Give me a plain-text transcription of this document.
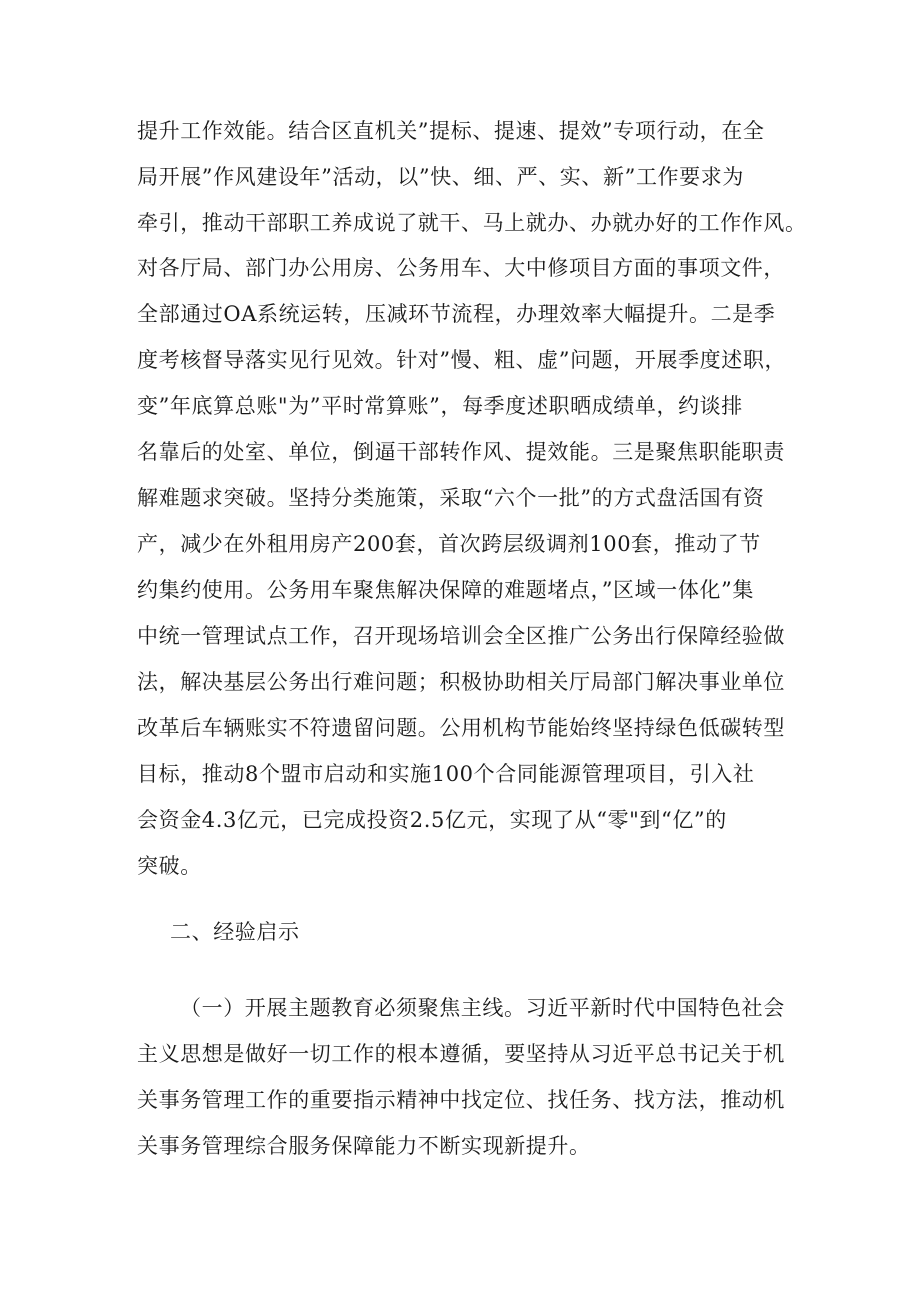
提升工作效能。结合区直机关”提标、提速、提效”专项行动，在全
局开展”作风建设年”活动，以”快、细、严、实、新”工作要求为
牵引，推动干部职工养成说了就干、马上就办、办就办好的工作作风。
对各厅局、部门办公用房、公务用车、大中修项目方面的事项文件，
全部通过OA系统运转，压减环节流程，办理效率大幅提升。二是季
度考核督导落实见行见效。针对”慢、粗、虚”问题，开展季度述职，
变”年底算总账"为”平时常算账”，每季度述职晒成绩单，约谈排
名靠后的处室、单位，倒逼干部转作风、提效能。三是聚焦职能职责
解难题求突破。坚持分类施策，采取“六个一批”的方式盘活国有资
产，减少在外租用房产200套，首次跨层级调剂100套，推动了节
约集约使用。公务用车聚焦解决保障的难题堵点，”区域一体化”集
中统一管理试点工作，召开现场培训会全区推广公务出行保障经验做
法，解决基层公务出行难问题；积极协助相关厅局部门解决事业单位
改革后车辆账实不符遗留问题。公用机构节能始终坚持绿色低碳转型
目标，推动8个盟市启动和实施100个合同能源管理项目，引入社
会资金4.3亿元，已完成投资2.5亿元，实现了从“零"到“亿”的
突破。
二、经验启示
（一）开展主题教育必须聚焦主线。习近平新时代中国特色社会
主义思想是做好一切工作的根本遵循，要坚持从习近平总书记关于机
关事务管理工作的重要指示精神中找定位、找任务、找方法，推动机
关事务管理综合服务保障能力不断实现新提升。
